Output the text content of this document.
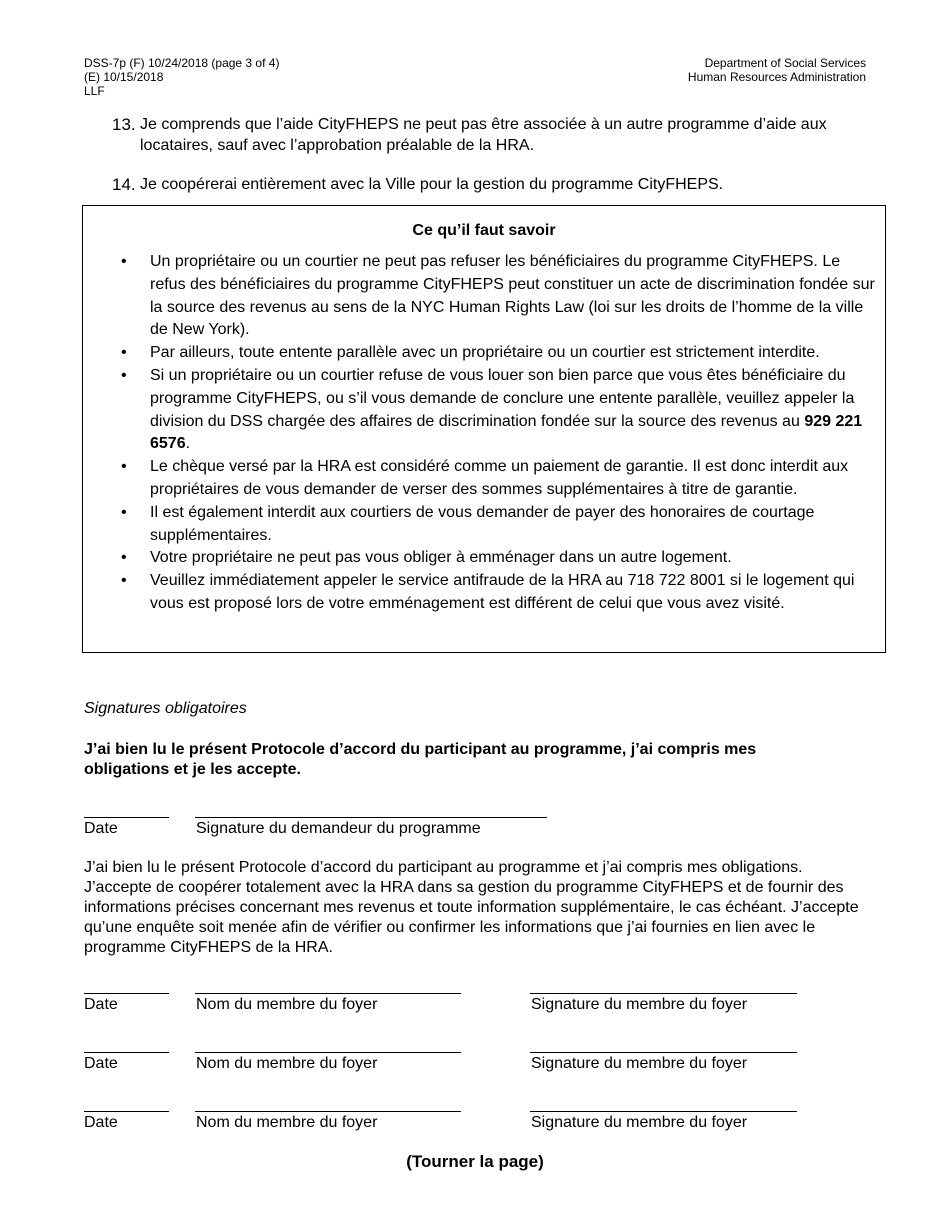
DSS-7p (F) 10/24/2018 (page 3 of 4)
(E) 10/15/2018
LLF
Department of Social Services
Human Resources Administration
13. Je comprends que l’aide CityFHEPS ne peut pas être associée à un autre programme d’aide aux locataires, sauf avec l’approbation préalable de la HRA.
14. Je coopérerai entièrement avec la Ville pour la gestion du programme CityFHEPS.
Ce qu’il faut savoir
• Un propriétaire ou un courtier ne peut pas refuser les bénéficiaires du programme CityFHEPS. Le refus des bénéficiaires du programme CityFHEPS peut constituer un acte de discrimination fondée sur la source des revenus au sens de la NYC Human Rights Law (loi sur les droits de l’homme de la ville de New York).
• Par ailleurs, toute entente parallèle avec un propriétaire ou un courtier est strictement interdite.
• Si un propriétaire ou un courtier refuse de vous louer son bien parce que vous êtes bénéficiaire du programme CityFHEPS, ou s’il vous demande de conclure une entente parallèle, veuillez appeler la division du DSS chargée des affaires de discrimination fondée sur la source des revenus au 929 221 6576.
• Le chèque versé par la HRA est considéré comme un paiement de garantie. Il est donc interdit aux propriétaires de vous demander de verser des sommes supplémentaires à titre de garantie.
• Il est également interdit aux courtiers de vous demander de payer des honoraires de courtage supplémentaires.
• Votre propriétaire ne peut pas vous obliger à emménager dans un autre logement.
• Veuillez immédiatement appeler le service antifraude de la HRA au 718 722 8001 si le logement qui vous est proposé lors de votre emménagement est différent de celui que vous avez visité.
Signatures obligatoires
J’ai bien lu le présent Protocole d’accord du participant au programme, j’ai compris mes obligations et je les accepte.
Date	Signature du demandeur du programme
J’ai bien lu le présent Protocole d’accord du participant au programme et j’ai compris mes obligations. J’accepte de coopérer totalement avec la HRA dans sa gestion du programme CityFHEPS et de fournir des informations précises concernant mes revenus et toute information supplémentaire, le cas échéant. J’accepte qu’une enquête soit menée afin de vérifier ou confirmer les informations que j’ai fournies en lien avec le programme CityFHEPS de la HRA.
Date	Nom du membre du foyer	Signature du membre du foyer
Date	Nom du membre du foyer	Signature du membre du foyer
Date	Nom du membre du foyer	Signature du membre du foyer
(Tourner la page)
